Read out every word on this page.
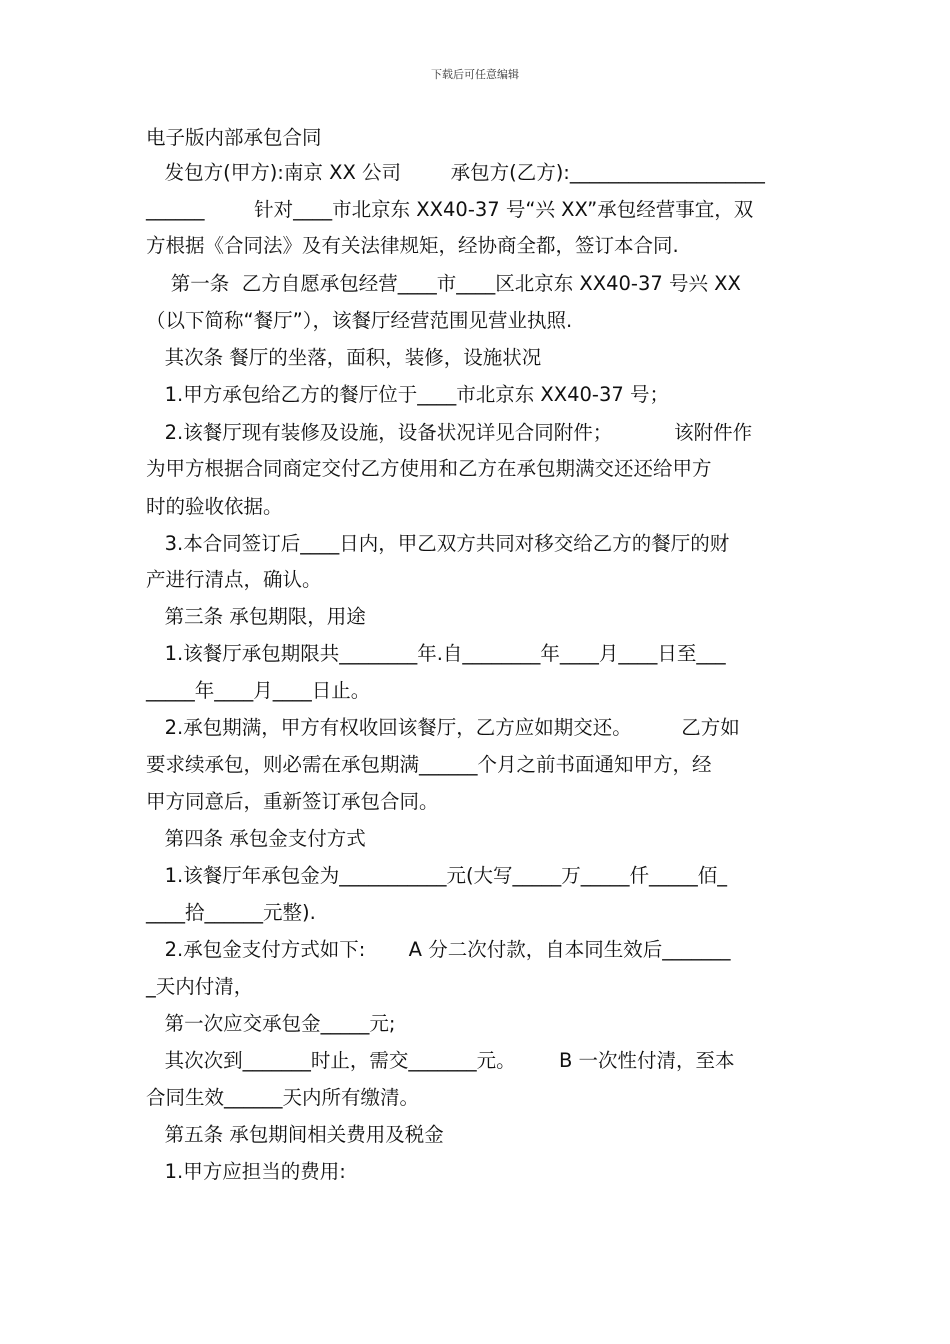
下载后可任意编辑
电子版内部承包合同
发包方(甲方):南京 XX 公司        承包方(乙方):____________________
______        针对____市北京东 XX40-37 号“兴 XX”承包经营事宜，双
方根据《合同法》及有关法律规矩，经协商全都，签订本合同.
第一条  乙方自愿承包经营____市____区北京东 XX40-37 号兴 XX
（以下简称“餐厅”），该餐厅经营范围见营业执照.
其次条 餐厅的坐落，面积，装修，设施状况
1.甲方承包给乙方的餐厅位于____市北京东 XX40-37 号；
2.该餐厅现有装修及设施，设备状况详见合同附件；          该附件作
为甲方根据合同商定交付乙方使用和乙方在承包期满交还还给甲方
时的验收依据。
3.本合同签订后____日内，甲乙双方共同对移交给乙方的餐厅的财
产进行清点，确认。
第三条 承包期限，用途
1.该餐厅承包期限共________年.自________年____月____日至___
_____年____月____日止。
2.承包期满，甲方有权收回该餐厅，乙方应如期交还。        乙方如
要求续承包，则必需在承包期满______个月之前书面通知甲方，经
甲方同意后，重新签订承包合同。
第四条 承包金支付方式
1.该餐厅年承包金为___________元(大写_____万_____仟_____佰_
____拾______元整).
2.承包金支付方式如下:       A 分二次付款，自本同生效后_______
_天内付清，
第一次应交承包金_____元;
其次次到_______时止，需交_______元。       B 一次性付清，至本
合同生效______天内所有缴清。
第五条 承包期间相关费用及税金
1.甲方应担当的费用:
